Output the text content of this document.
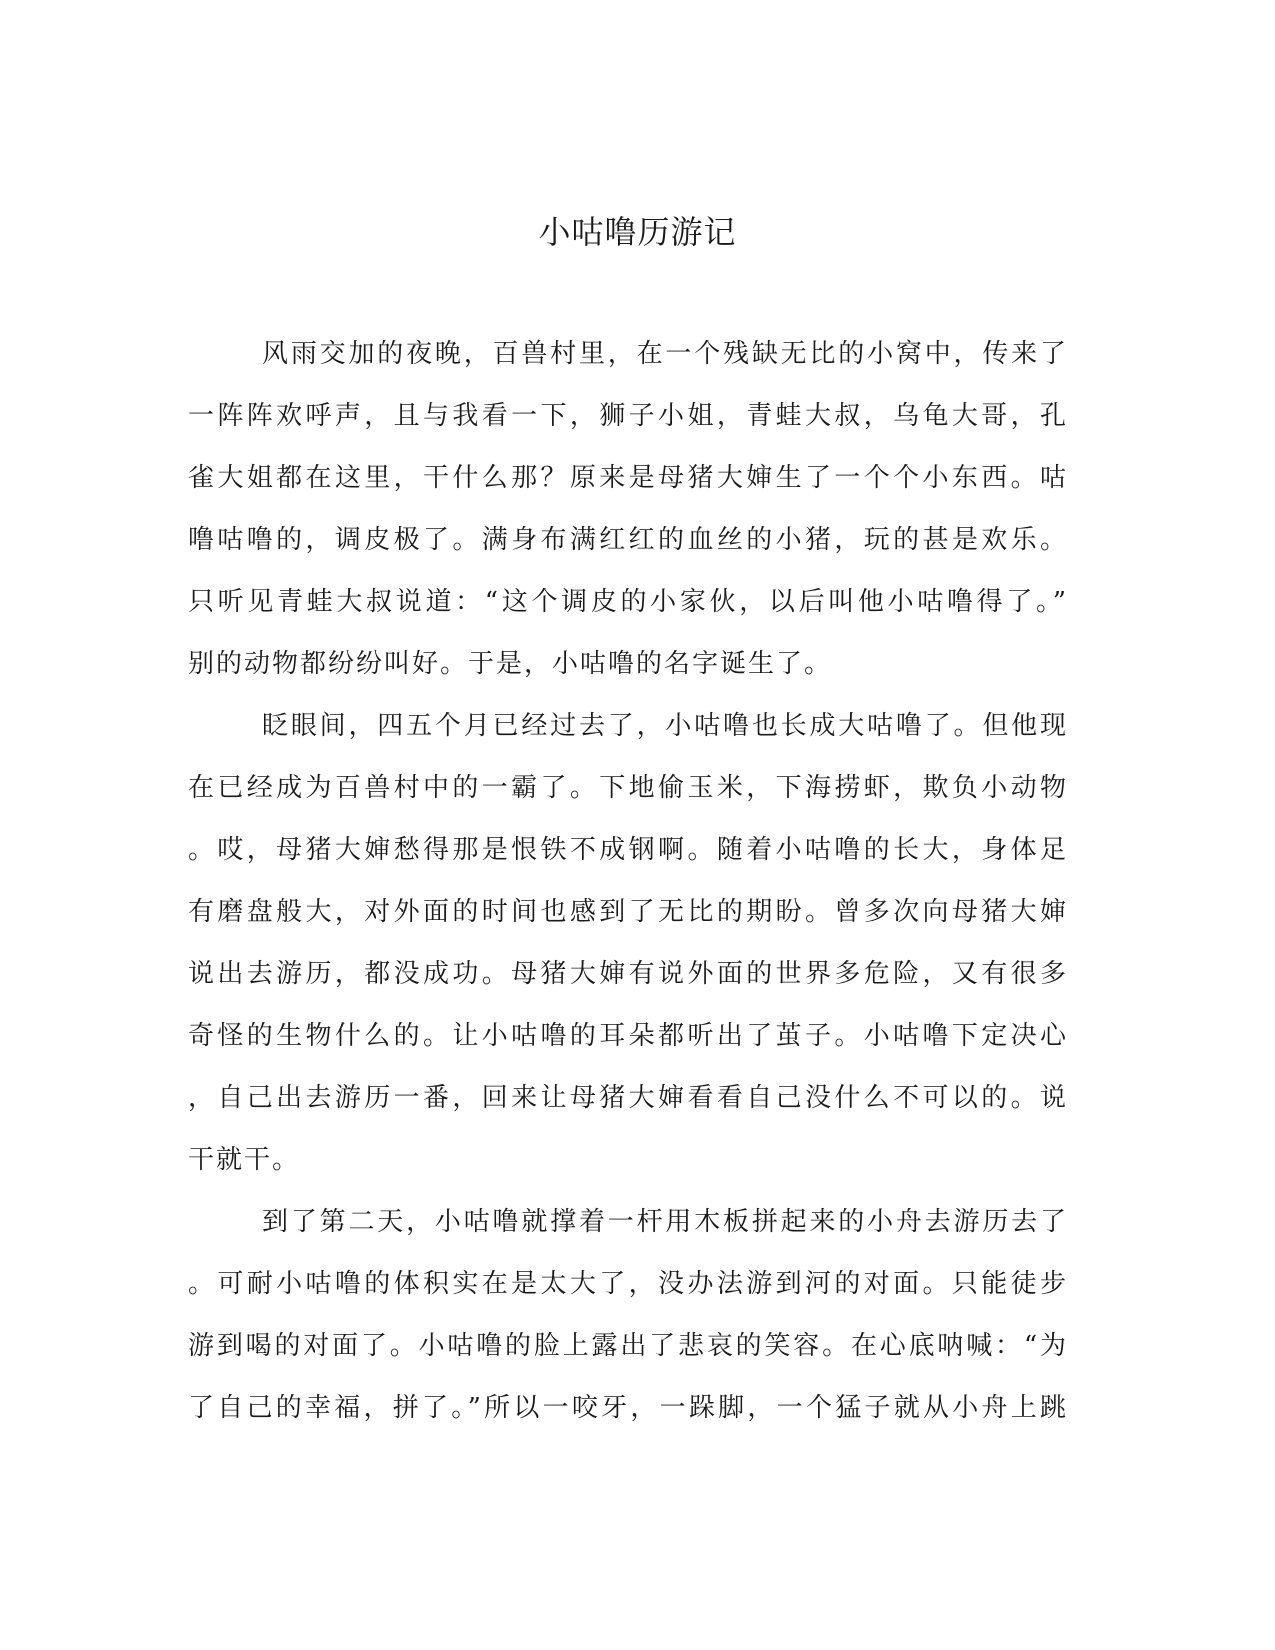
小咕噜历游记
风雨交加的夜晚，百兽村里，在一个残缺无比的小窝中，传来了
一阵阵欢呼声，且与我看一下，狮子小姐，青蛙大叔，乌龟大哥，孔
雀大姐都在这里，干什么那？原来是母猪大婶生了一个个小东西。咕
噜咕噜的，调皮极了。满身布满红红的血丝的小猪，玩的甚是欢乐。
只听见青蛙大叔说道：“这个调皮的小家伙，以后叫他小咕噜得了。”
别的动物都纷纷叫好。于是，小咕噜的名字诞生了。
眨眼间，四五个月已经过去了，小咕噜也长成大咕噜了。但他现
在已经成为百兽村中的一霸了。下地偷玉米，下海捞虾，欺负小动物
。哎，母猪大婶愁得那是恨铁不成钢啊。随着小咕噜的长大，身体足
有磨盘般大，对外面的时间也感到了无比的期盼。曾多次向母猪大婶
说出去游历，都没成功。母猪大婶有说外面的世界多危险，又有很多
奇怪的生物什么的。让小咕噜的耳朵都听出了茧子。小咕噜下定决心
，自己出去游历一番，回来让母猪大婶看看自己没什么不可以的。说
干就干。
到了第二天，小咕噜就撑着一杆用木板拼起来的小舟去游历去了
。可耐小咕噜的体积实在是太大了，没办法游到河的对面。只能徒步
游到喝的对面了。小咕噜的脸上露出了悲哀的笑容。在心底呐喊：“为
了自己的幸福，拼了。”所以一咬牙，一跺脚，一个猛子就从小舟上跳
